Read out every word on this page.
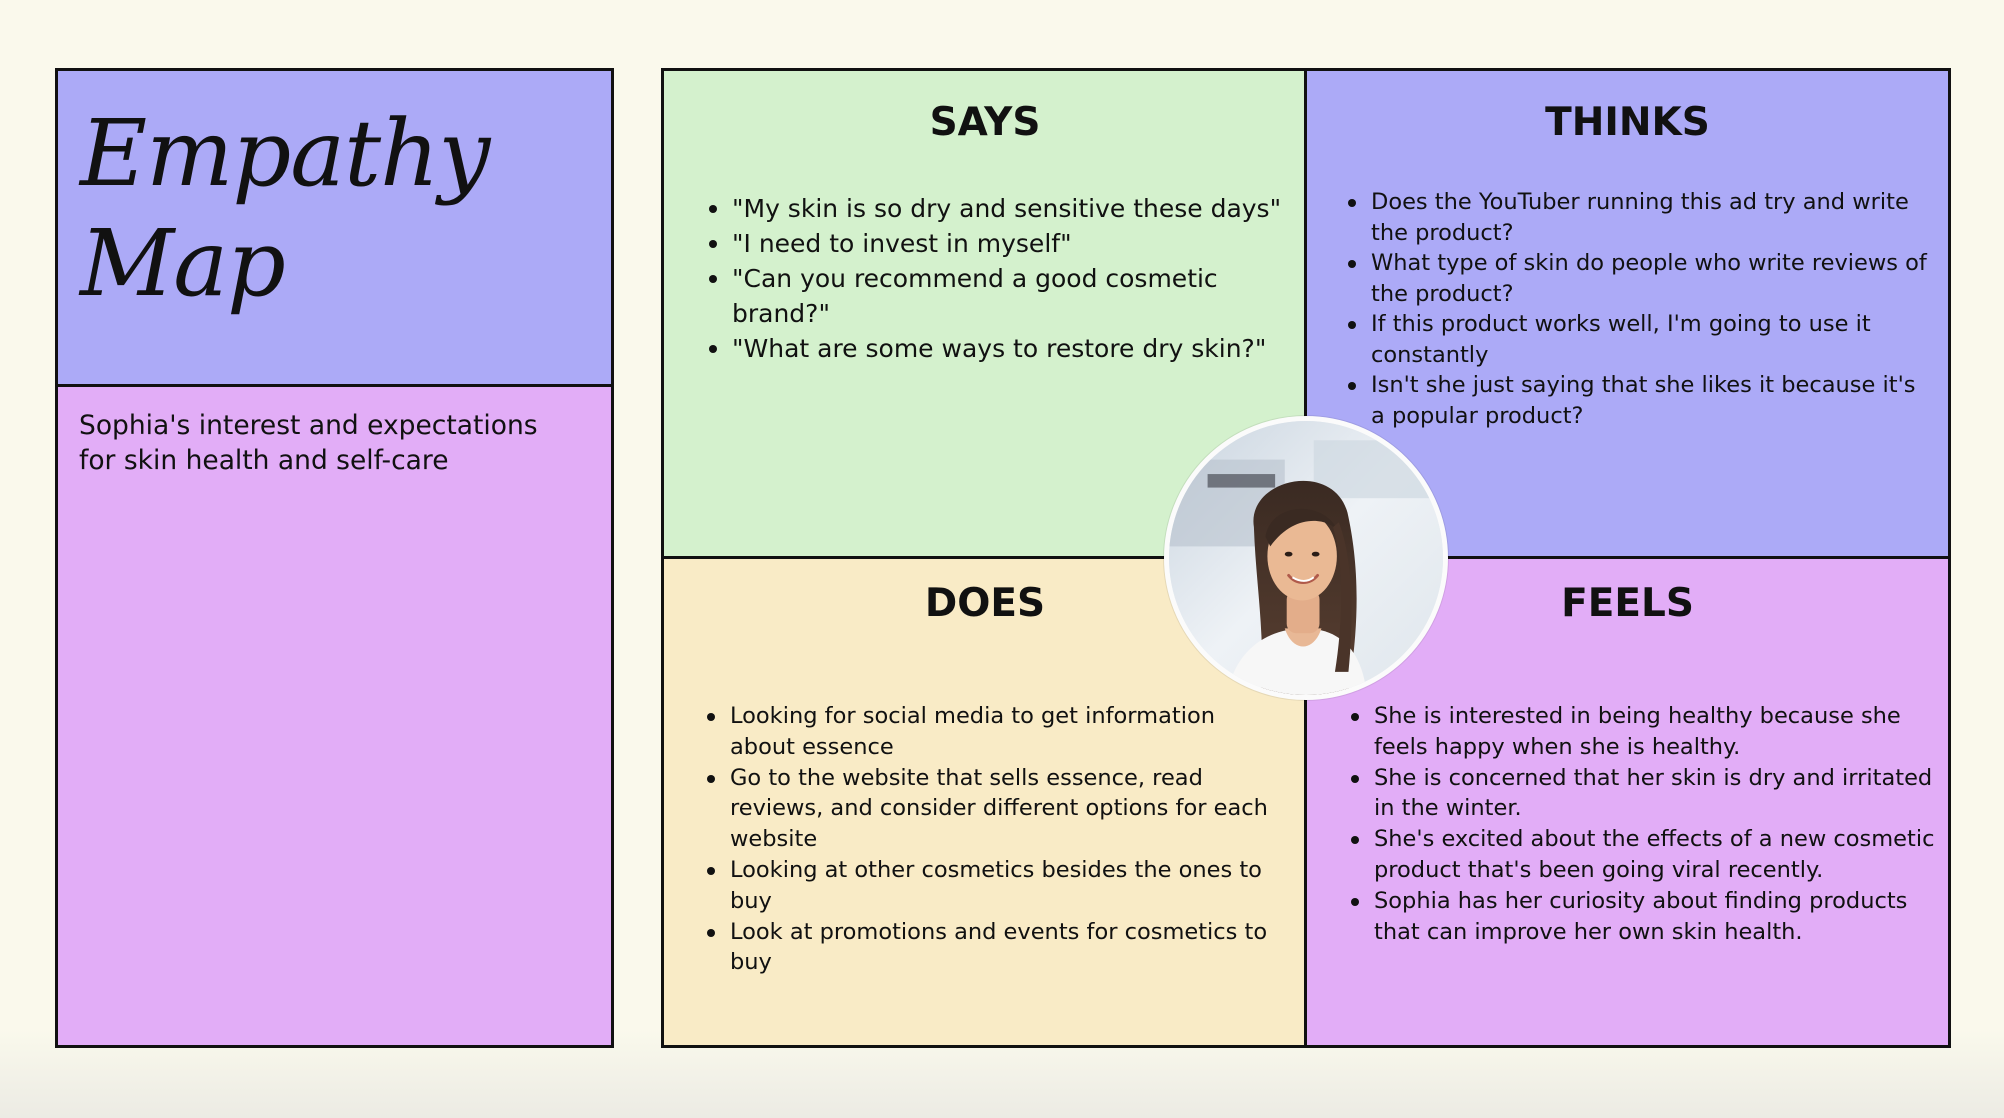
Empathy
Map
Sophia's interest and expectations for skin health and self-care
SAYS
"My skin is so dry and sensitive these days"
"I need to invest in myself"
"Can you recommend a good cosmetic brand?"
"What are some ways to restore dry skin?"
THINKS
Does the YouTuber running this ad try and write the product?
What type of skin do people who write reviews of the product?
If this product works well, I'm going to use it constantly
Isn't she just saying that she likes it because it's a popular product?
DOES
Looking for social media to get information about essence
Go to the website that sells essence, read reviews, and consider different options for each website
Looking at other cosmetics besides the ones to buy
Look at promotions and events for cosmetics to buy
FEELS
She is interested in being healthy because she feels happy when she is healthy.
She is concerned that her skin is dry and irritated in the winter.
She's excited about the effects of a new cosmetic product that's been going viral recently.
Sophia has her curiosity about finding products that can improve her own skin health.
